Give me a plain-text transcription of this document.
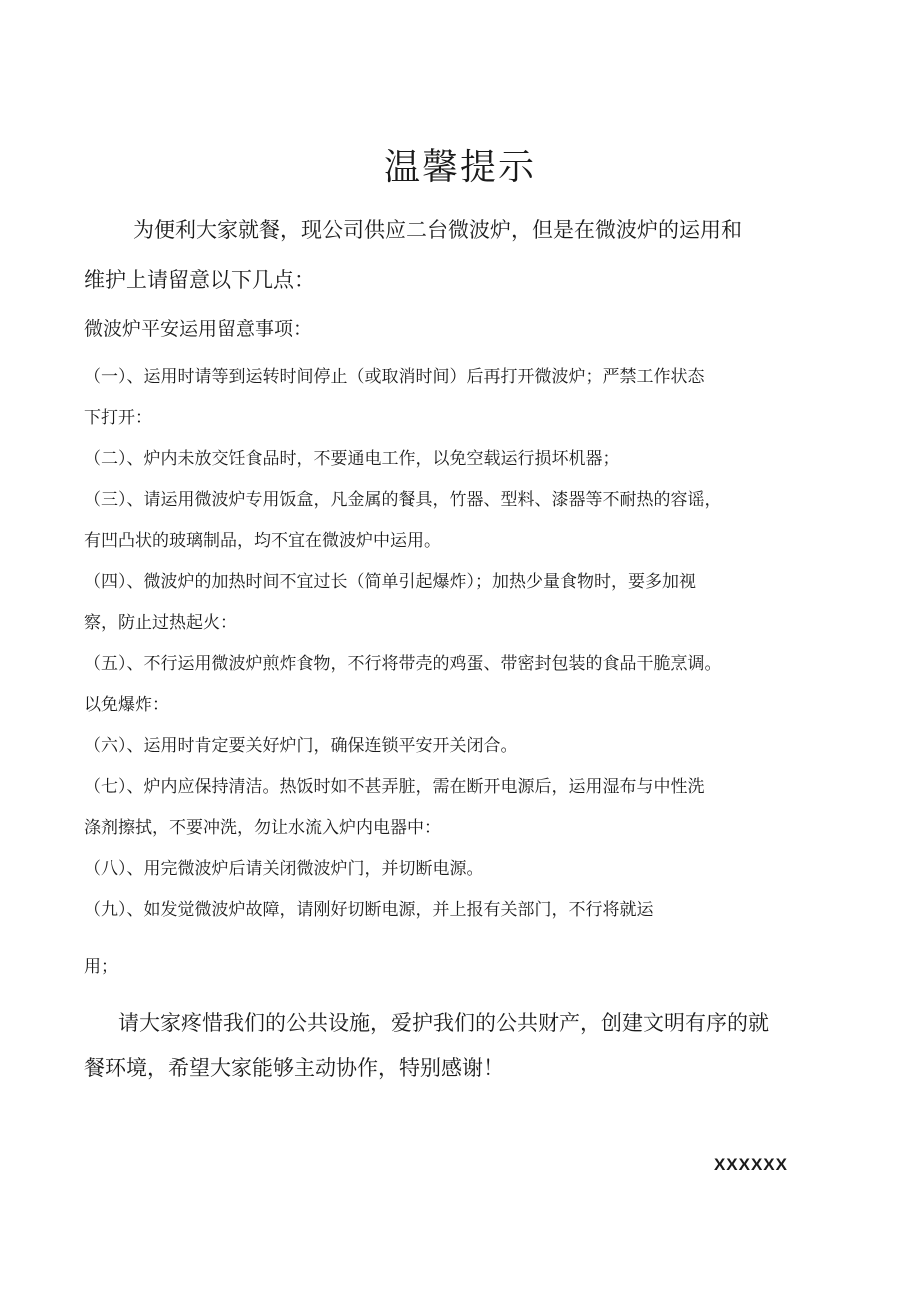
温馨提示
为便利大家就餐，现公司供应二台微波炉，但是在微波炉的运用和
维护上请留意以下几点：
微波炉平安运用留意事项：
（一）、运用时请等到运转时间停止（或取消时间）后再打开微波炉；严禁工作状态
下打开：
（二）、炉内未放交饪食品时，不要通电工作，以免空载运行损坏机器；
（三）、请运用微波炉专用饭盒，凡金属的餐具，竹器、型料、漆器等不耐热的容谣，
有凹凸状的玻璃制品，均不宜在微波炉中运用。
（四）、微波炉的加热时间不宜过长（简单引起爆炸）；加热少量食物时，要多加视
察，防止过热起火：
（五）、不行运用微波炉煎炸食物，不行将带壳的鸡蛋、带密封包装的食品干脆烹调。
以免爆炸：
（六）、运用时肯定要关好炉门，确保连锁平安开关闭合。
（七）、炉内应保持清洁。热饭时如不甚弄脏，需在断开电源后，运用湿布与中性洗
涤剂擦拭，不要冲洗，勿让水流入炉内电器中：
（八）、用完微波炉后请关闭微波炉门，并切断电源。
（九）、如发觉微波炉故障，请刚好切断电源，并上报有关部门，不行将就运
用；
请大家疼惜我们的公共设施，爱护我们的公共财产，创建文明有序的就
餐环境，希望大家能够主动协作，特别感谢！
XXXXXX
